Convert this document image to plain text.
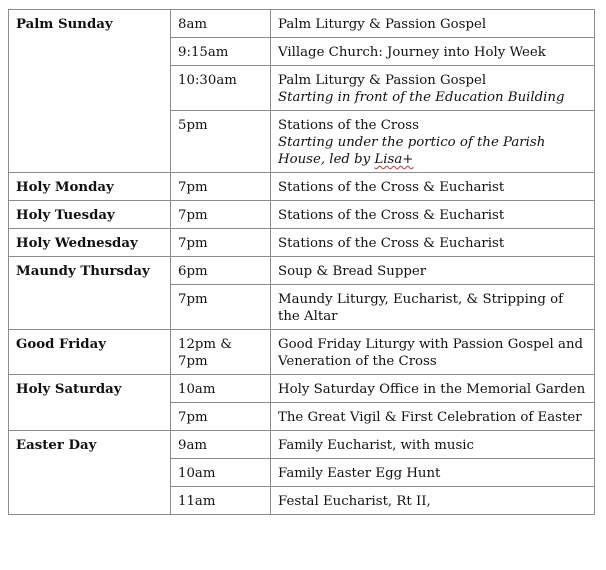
Palm Sunday	8am	Palm Liturgy & Passion Gospel
	9:15am	Village Church: Journey into Holy Week
	10:30am	Palm Liturgy & Passion Gospel
Starting in front of the Education Building

	5pm	Stations of the Cross
Starting under the portico of the Parish House, led by Lisa+

Holy Monday	7pm	Stations of the Cross & Eucharist
Holy Tuesday	7pm	Stations of the Cross & Eucharist
Holy Wednesday	7pm	Stations of the Cross & Eucharist
Maundy Thursday	6pm	Soup & Bread Supper
	7pm	Maundy Liturgy, Eucharist, & Stripping of the Altar
Good Friday	12pm & 7pm	Good Friday Liturgy with Passion Gospel and Veneration of the Cross
Holy Saturday	10am	Holy Saturday Office in the Memorial Garden
	7pm	The Great Vigil & First Celebration of Easter
Easter Day	9am	Family Eucharist, with music
	10am	Family Easter Egg Hunt
	11am	Festal Eucharist, Rt II,
